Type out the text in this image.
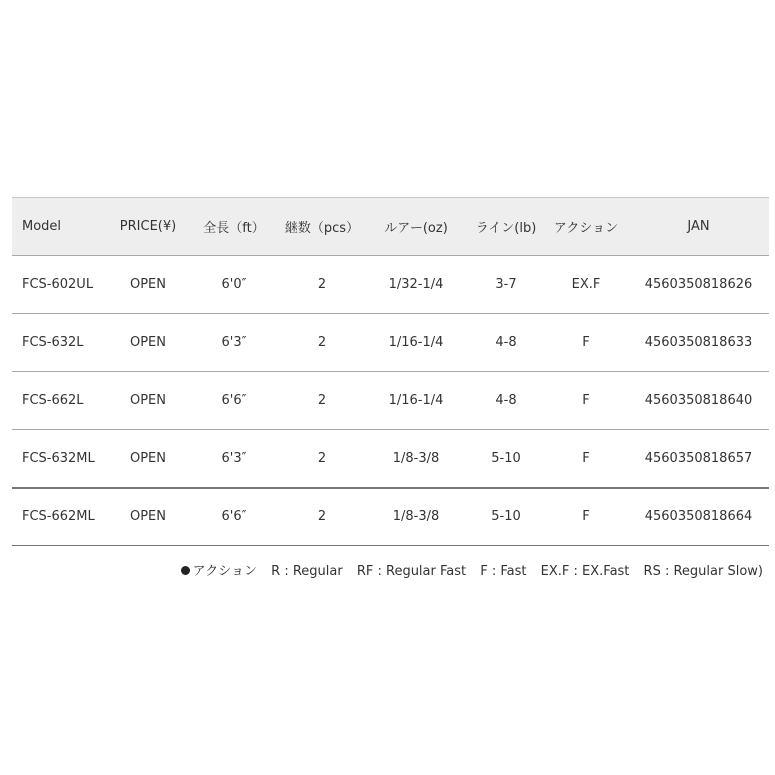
Model	PRICE(¥)	全長（ft）	継数（pcs）	ルアー(oz)	ライン(lb)	アクション	JAN
FCS-602UL	OPEN	6'0″	2	1/32-1/4	3-7	EX.F	4560350818626
FCS-632L	OPEN	6'3″	2	1/16-1/4	4-8	F	4560350818633
FCS-662L	OPEN	6'6″	2	1/16-1/4	4-8	F	4560350818640
FCS-632ML	OPEN	6'3″	2	1/8-3/8	5-10	F	4560350818657
FCS-662ML	OPEN	6'6″	2	1/8-3/8	5-10	F	4560350818664
アクション R : Regular RF : Regular Fast F : Fast EX.F : EX.Fast RS : Regular Slow)
